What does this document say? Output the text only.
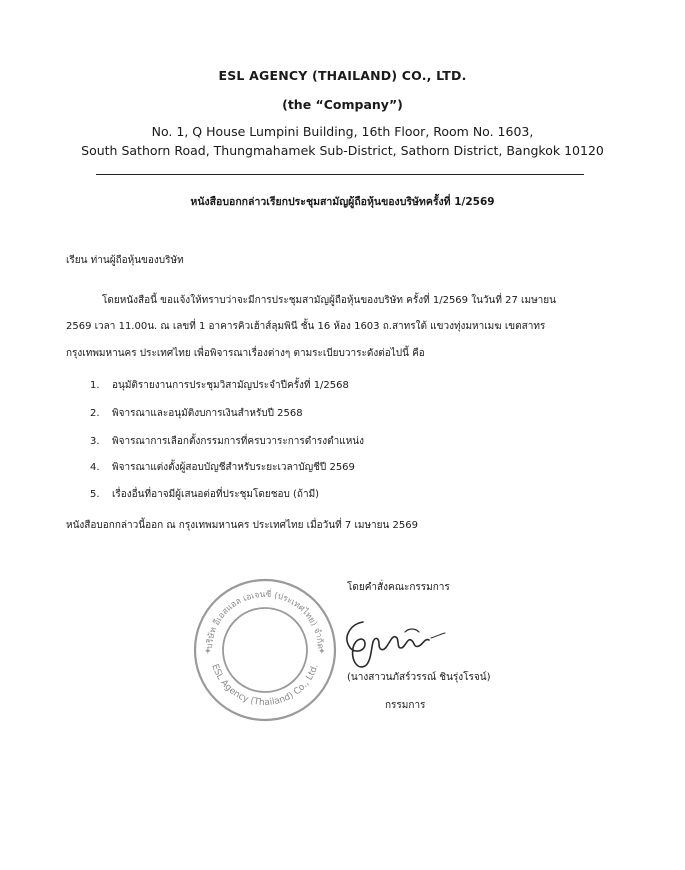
ESL AGENCY (THAILAND) CO., LTD.
(the “Company”)
No. 1, Q House Lumpini Building, 16th Floor, Room No. 1603,
South Sathorn Road, Thungmahamek Sub-District, Sathorn District, Bangkok 10120
หนังสือบอกกล่าวเรียกประชุมสามัญผู้ถือหุ้นของบริษัทครั้งที่ 1/2569
เรียน ท่านผู้ถือหุ้นของบริษัท
โดยหนังสือนี้ ขอแจ้งให้ทราบว่าจะมีการประชุมสามัญผู้ถือหุ้นของบริษัท ครั้งที่ 1/2569 ในวันที่ 27 เมษายน
2569 เวลา 11.00น. ณ เลขที่ 1 อาคารคิวเฮ้าส์ลุมพินี ชั้น 16 ห้อง 1603 ถ.สาทรใต้ แขวงทุ่งมหาเมฆ เขตสาทร
กรุงเทพมหานคร ประเทศไทย เพื่อพิจารณาเรื่องต่างๆ ตามระเบียบวาระดังต่อไปนี้ คือ
1. อนุมัติรายงานการประชุมวิสามัญประจำปีครั้งที่ 1/2568
2. พิจารณาและอนุมัติงบการเงินสำหรับปี 2568
3. พิจารณาการเลือกตั้งกรรมการที่ครบวาระการดำรงตำแหน่ง
4. พิจารณาแต่งตั้งผู้สอบบัญชีสำหรับระยะเวลาบัญชีปี 2569
5. เรื่องอื่นที่อาจมีผู้เสนอต่อที่ประชุมโดยชอบ (ถ้ามี)
หนังสือบอกกล่าวนี้ออก ณ กรุงเทพมหานคร ประเทศไทย เมื่อวันที่ 7 เมษายน 2569
โดยคำสั่งคณะกรรมการ
บริษัท อีเอสแอล เอเจนซี่ (ประเทศไทย) จำกัด
ESL Agency (Thailand) Co., Ltd.
✦	✦
(นางสาวนภัสร์วรรณ์ ชินรุ่งโรจน์)
กรรมการ
